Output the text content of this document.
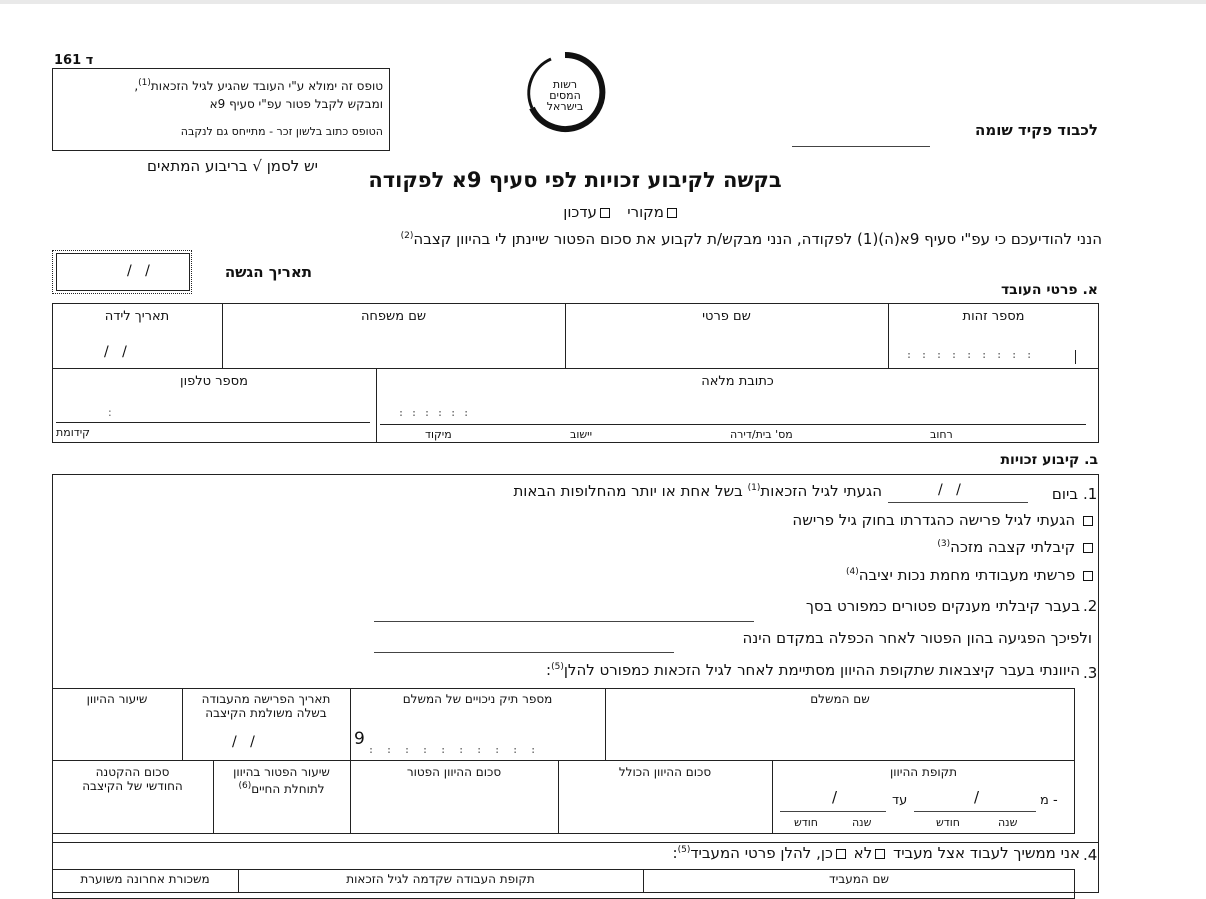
ד 161
טופס זה ימולא ע"י העובד שהגיע לגיל הזכאות$^{(1)}$,
ומבקש לקבל פטור עפ"י סעיף 9א
הטופס כתוב בלשון זכר - מתייחס גם לנקבה
רשות
המסים
בישראל
לכבוד פקיד שומה
יש לסמן √ בריבוע המתאים
בקשה לקיבוע זכויות לפי סעיף 9א לפקודה
מקורי   עדכון
הנני להודיעכם כי עפ"י סעיף 9א(ה)(1) לפקודה, הנני מבקש/ת לקבוע את סכום הפטור שיינתן לי בהיוון קצבה$^{(2)}$
/   /	תאריך הגשה
א. פרטי העובד
מספר זהות
:::::::::
שם פרטי
שם משפחה
תאריך לידה
/   /
כתובת מלאה
::::::
רחוב
מס' בית/דירה
יישוב
מיקוד
מספר טלפון
:
קידומת
ב. קיבוע זכויות
.1
ביום
/   /
הגעתי לגיל הזכאות$^{(1)}$ בשל אחת או יותר מהחלופות הבאות
הגעתי לגיל פרישה כהגדרתו בחוק גיל פרישה
קיבלתי קצבה מזכה$^{(3)}$
פרשתי מעבודתי מחמת נכות יציבה$^{(4)}$
.2
בעבר קיבלתי מענקים פטורים כמפורט בסך
ולפיכך הפגיעה בהון הפטור לאחר הכפלה במקדם הינה
.3
היוונתי בעבר קיצבאות שתקופת ההיוון מסתיימת לאחר לגיל הזכאות כמפורט להלן$^{(5)}$:
שם המשלם
מספר תיק ניכויים של המשלם
9
::::::::::
תאריך הפרישה מהעבודה
בשלה משולמת הקיצבה
/   /
שיעור ההיוון
תקופת ההיוון
מ -
/
שנה
חודש
עד
/
שנה
חודש
סכום ההיוון הכולל
סכום ההיוון הפטור
שיעור הפטור בהיוון
לתוחלת החיים$^{(6)}$
סכום ההקטנה
החודשי של הקיצבה
.4
אני ממשיך לעבוד אצל מעביד לא כן, להלן פרטי המעביד$^{(5)}$:
שם המעביד
תקופת העבודה שקדמה לגיל הזכאות
משכורת אחרונה משוערת
